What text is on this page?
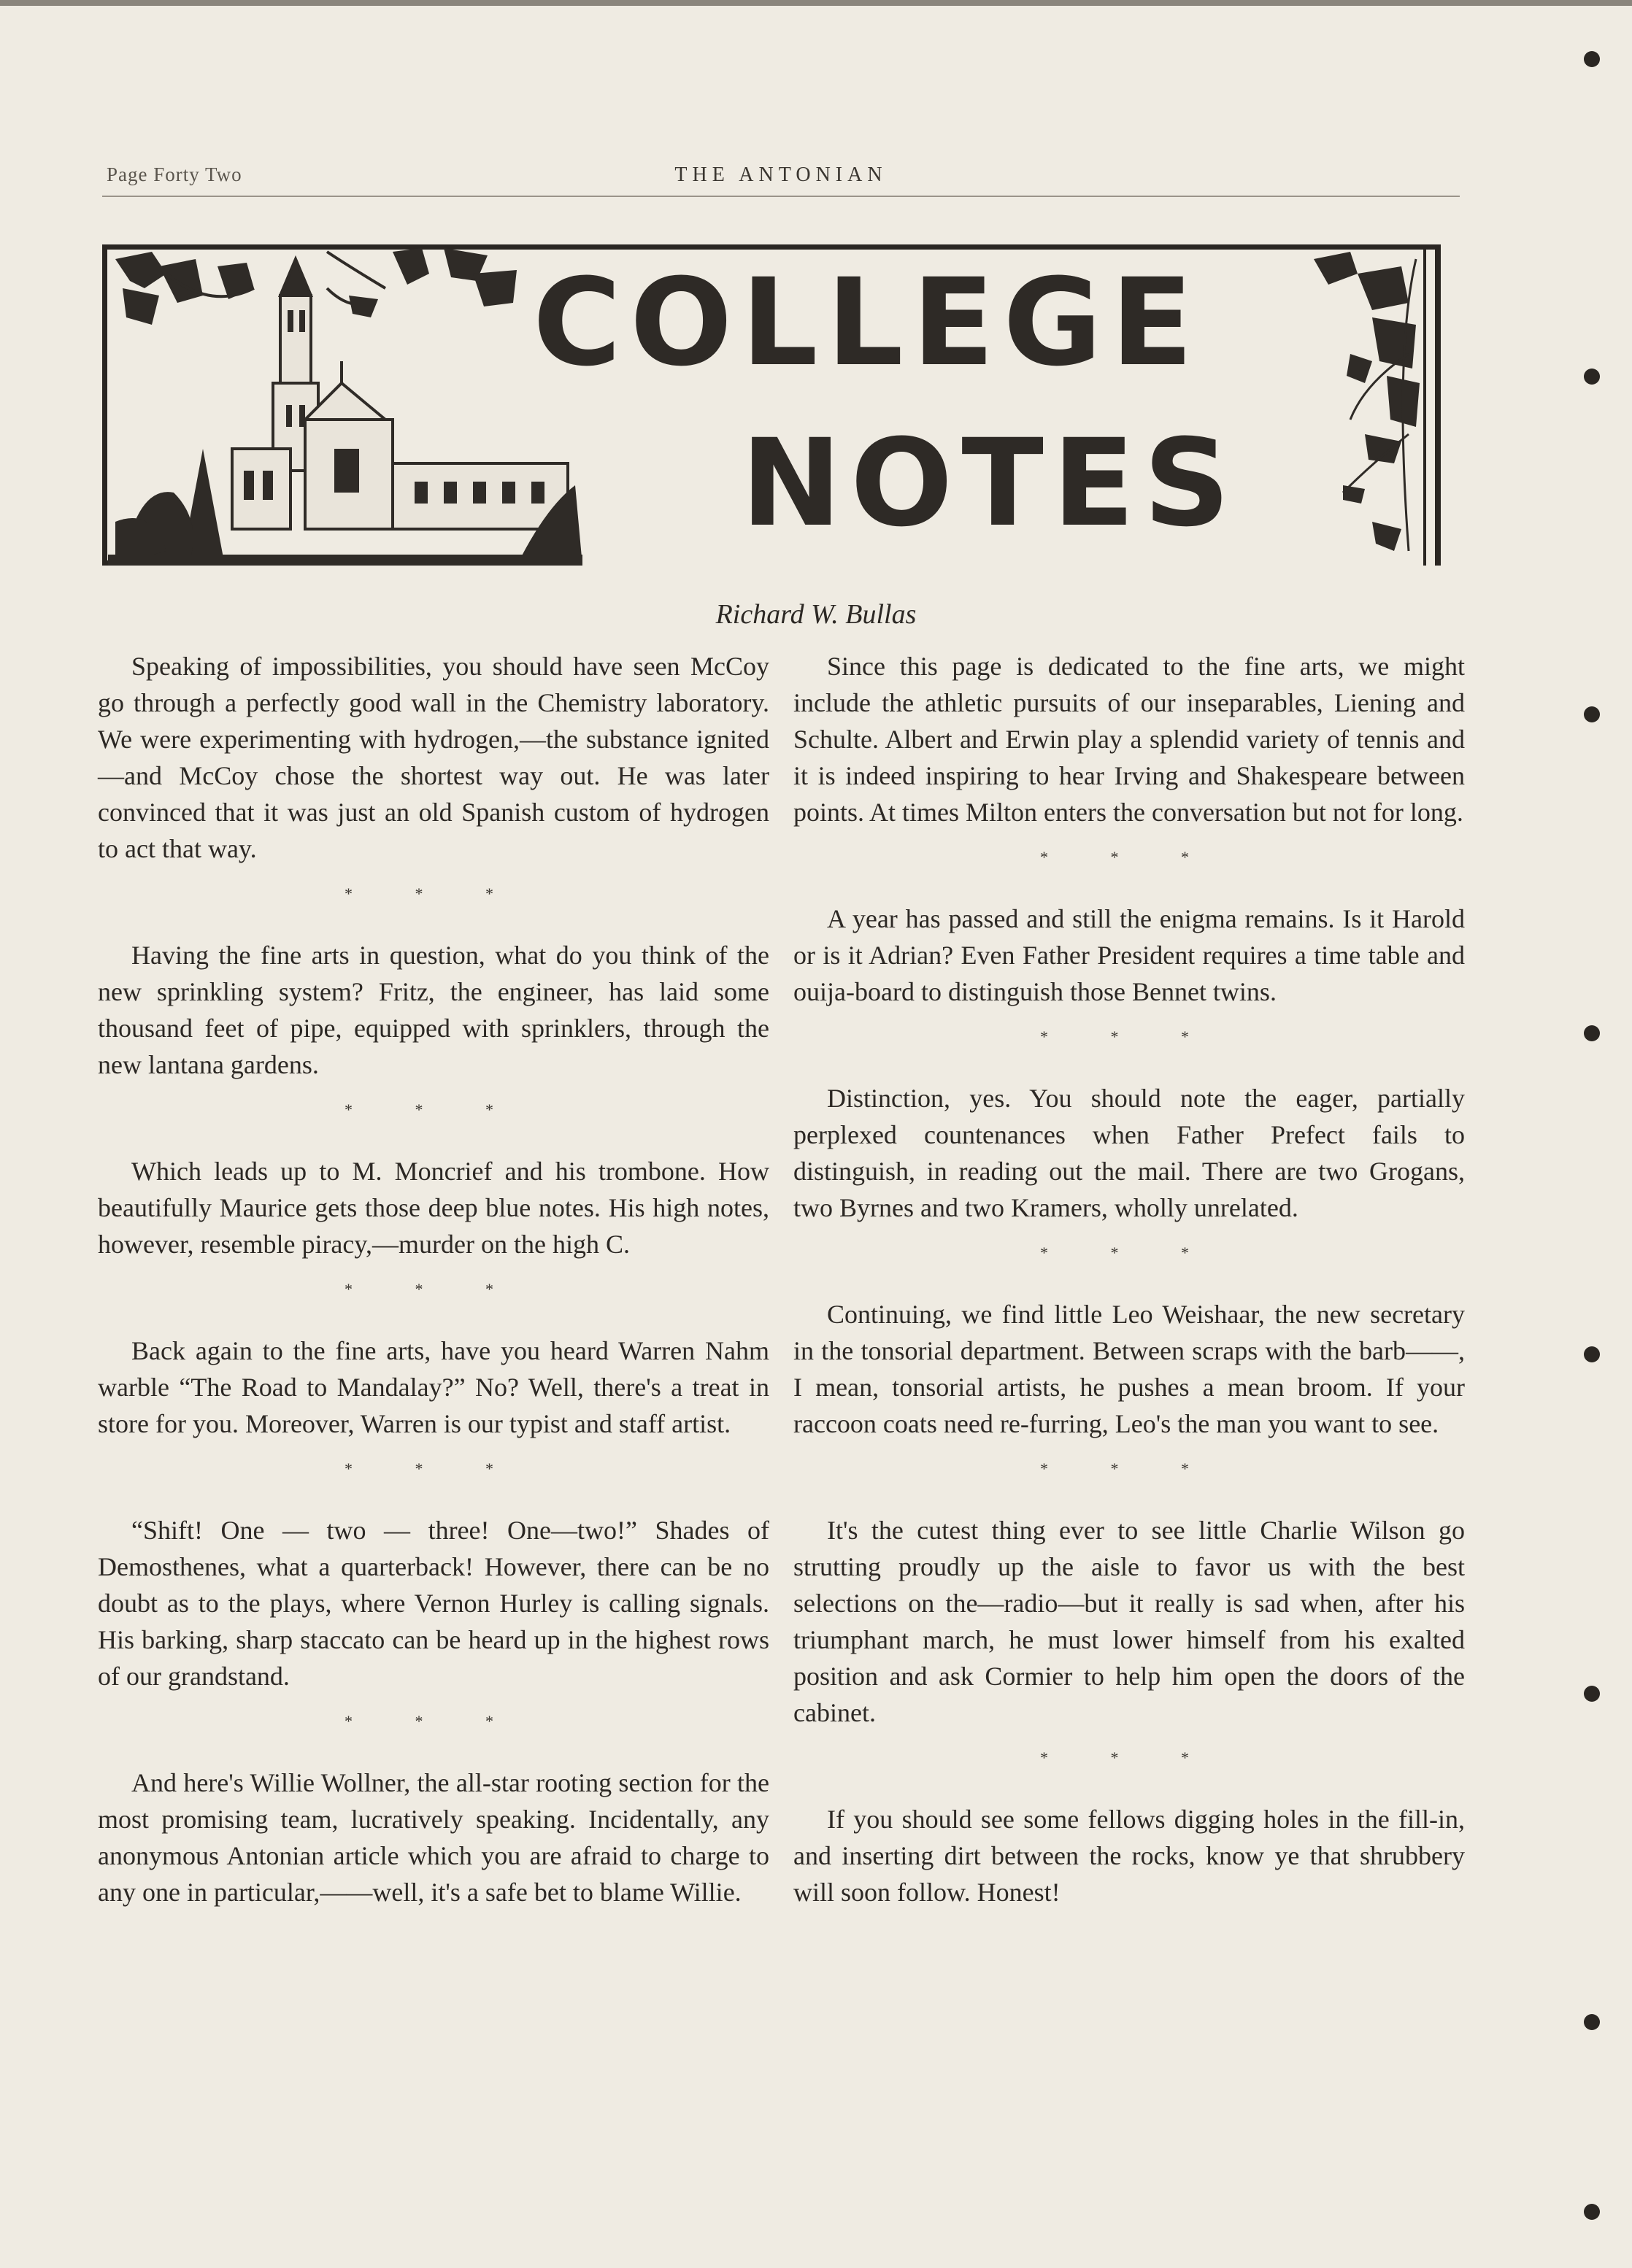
Page Forty Two	THE ANTONIAN
COLLEGE
NOTES
Richard W. Bullas

Speaking of impossibilities, you should have seen McCoy go through a perfectly good wall in the Chemistry laboratory. We were experimenting with hydrogen,—the substance ignited—and McCoy chose the shortest way out. He was later convinced that it was just an old Spanish custom of hydrogen to act that way.

* * *

Having the fine arts in question, what do you think of the new sprinkling system? Fritz, the engineer, has laid some thousand feet of pipe, equipped with sprinklers, through the new lantana gardens.

* * *

Which leads up to M. Moncrief and his trombone. How beautifully Maurice gets those deep blue notes. His high notes, however, resemble piracy,—murder on the high C.

* * *

Back again to the fine arts, have you heard Warren Nahm warble “The Road to Mandalay?” No? Well, there's a treat in store for you. Moreover, Warren is our typist and staff artist.

* * *

“Shift! One — two — three! One—two!” Shades of Demosthenes, what a quarterback! However, there can be no doubt as to the plays, where Vernon Hurley is calling signals. His barking, sharp staccato can be heard up in the highest rows of our grandstand.

* * *

And here's Willie Wollner, the all-star rooting section for the most promising team, lucratively speaking. Incidentally, any anonymous Antonian article which you are afraid to charge to any one in particular,——well, it's a safe bet to blame Willie.

Since this page is dedicated to the fine arts, we might include the athletic pursuits of our inseparables, Liening and Schulte. Albert and Erwin play a splendid variety of tennis and it is indeed inspiring to hear Irving and Shakespeare between points. At times Milton enters the conversation but not for long.

* * *

A year has passed and still the enigma remains. Is it Harold or is it Adrian? Even Father President requires a time table and ouija-board to distinguish those Bennet twins.

* * *

Distinction, yes. You should note the eager, partially perplexed countenances when Father Prefect fails to distinguish, in reading out the mail. There are two Grogans, two Byrnes and two Kramers, wholly unrelated.

* * *

Continuing, we find little Leo Weishaar, the new secretary in the tonsorial department. Between scraps with the barb——, I mean, tonsorial artists, he pushes a mean broom. If your raccoon coats need re-furring, Leo's the man you want to see.

* * *

It's the cutest thing ever to see little Charlie Wilson go strutting proudly up the aisle to favor us with the best selections on the—radio—but it really is sad when, after his triumphant march, he must lower himself from his exalted position and ask Cormier to help him open the doors of the cabinet.

* * *

If you should see some fellows digging holes in the fill-in, and inserting dirt between the rocks, know ye that shrubbery will soon follow. Honest!
